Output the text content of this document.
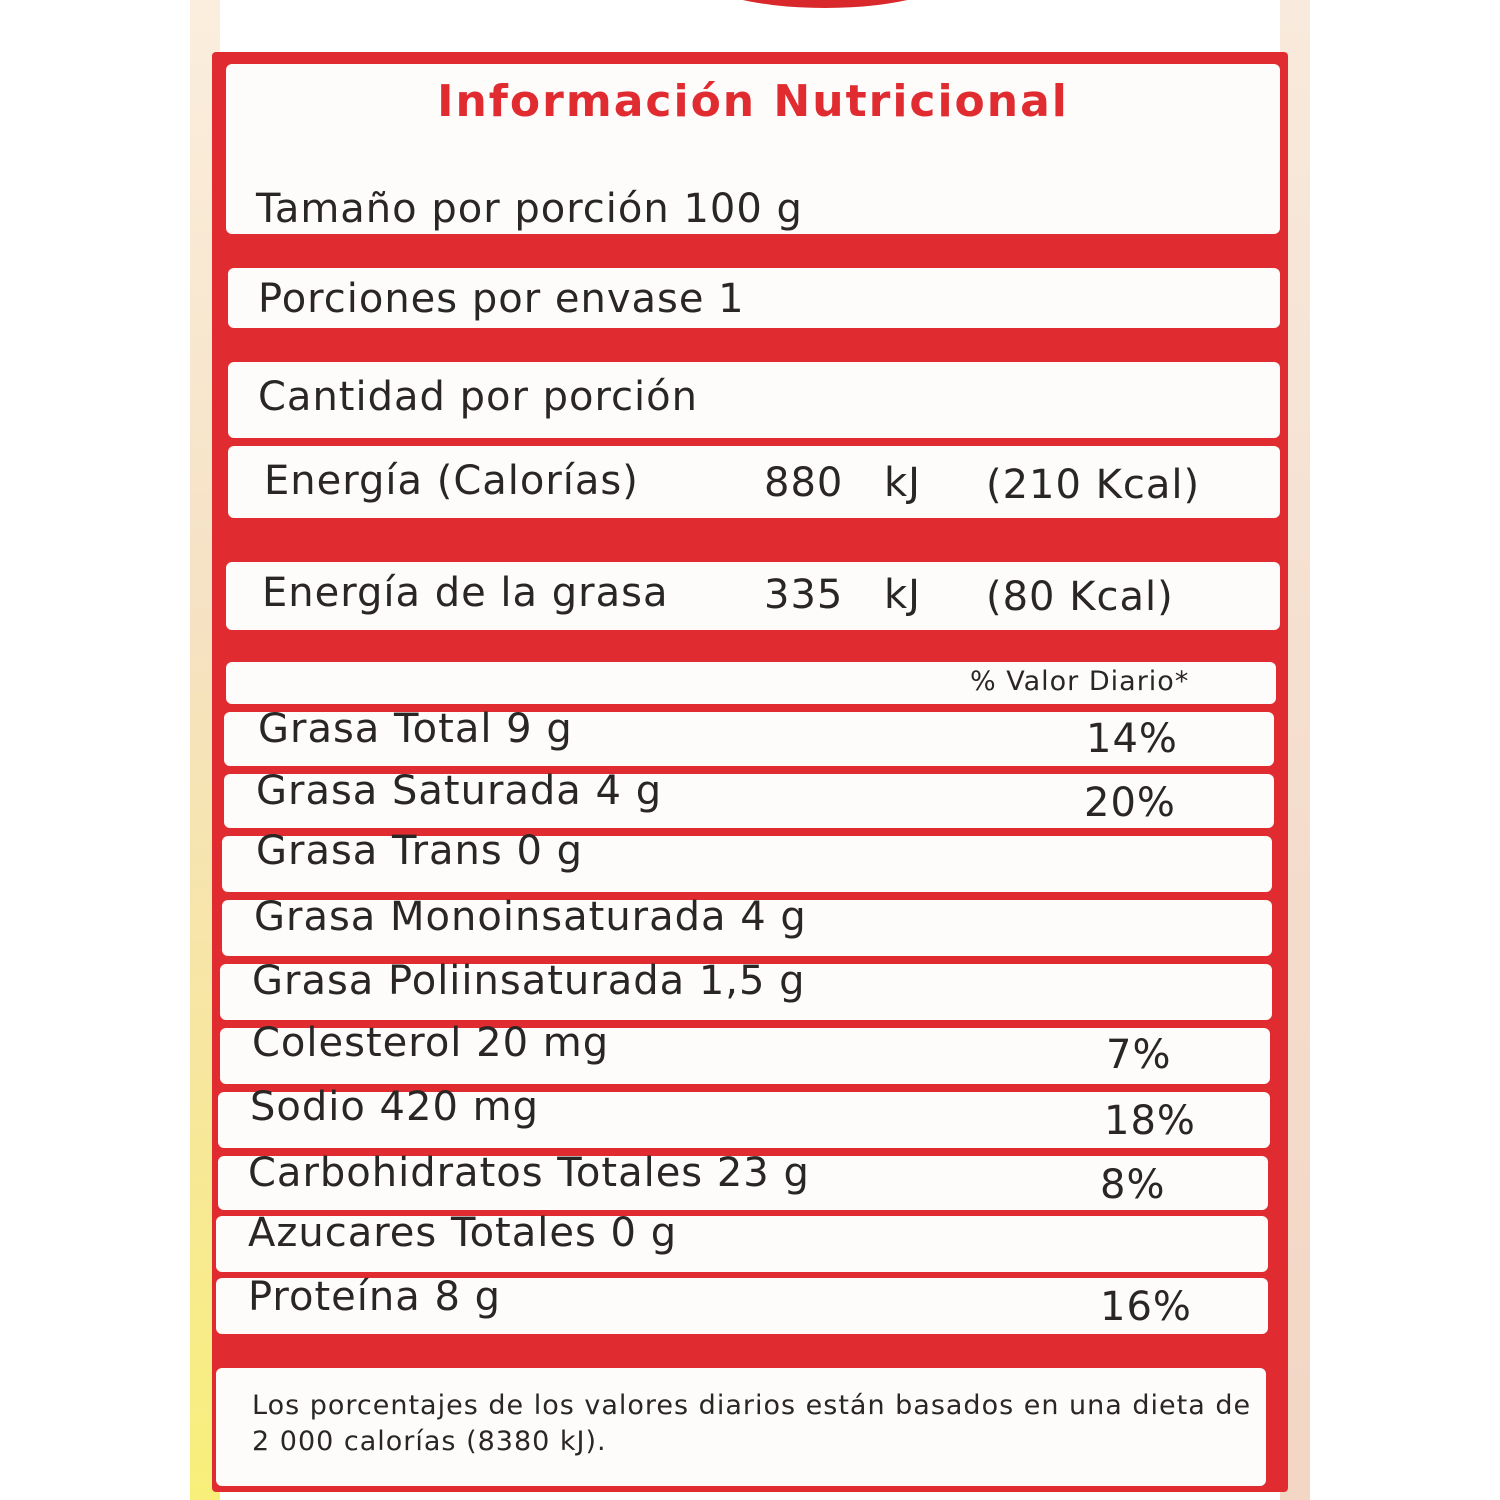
Información Nutricional
Tamaño por porción 100 g
Porciones por envase 1
Cantidad por porción
Energía (Calorías)	880 kJ (210 Kcal)
Energía de la grasa 335 kJ (80 Kcal)
% Valor Diario*
Grasa Total 9 g	14%
Grasa Saturada 4 g	20%
Grasa Trans 0 g
Grasa Monoinsaturada 4 g
Grasa Poliinsaturada 1,5 g
Colesterol 20 mg	7%
Sodio 420 mg	18%
Carbohidratos Totales 23 g	8%
Azucares Totales 0 g
Proteína 8 g	16%
Los porcentajes de los valores diarios están basados en una dieta de 2 000 calorías (8380 kJ).
